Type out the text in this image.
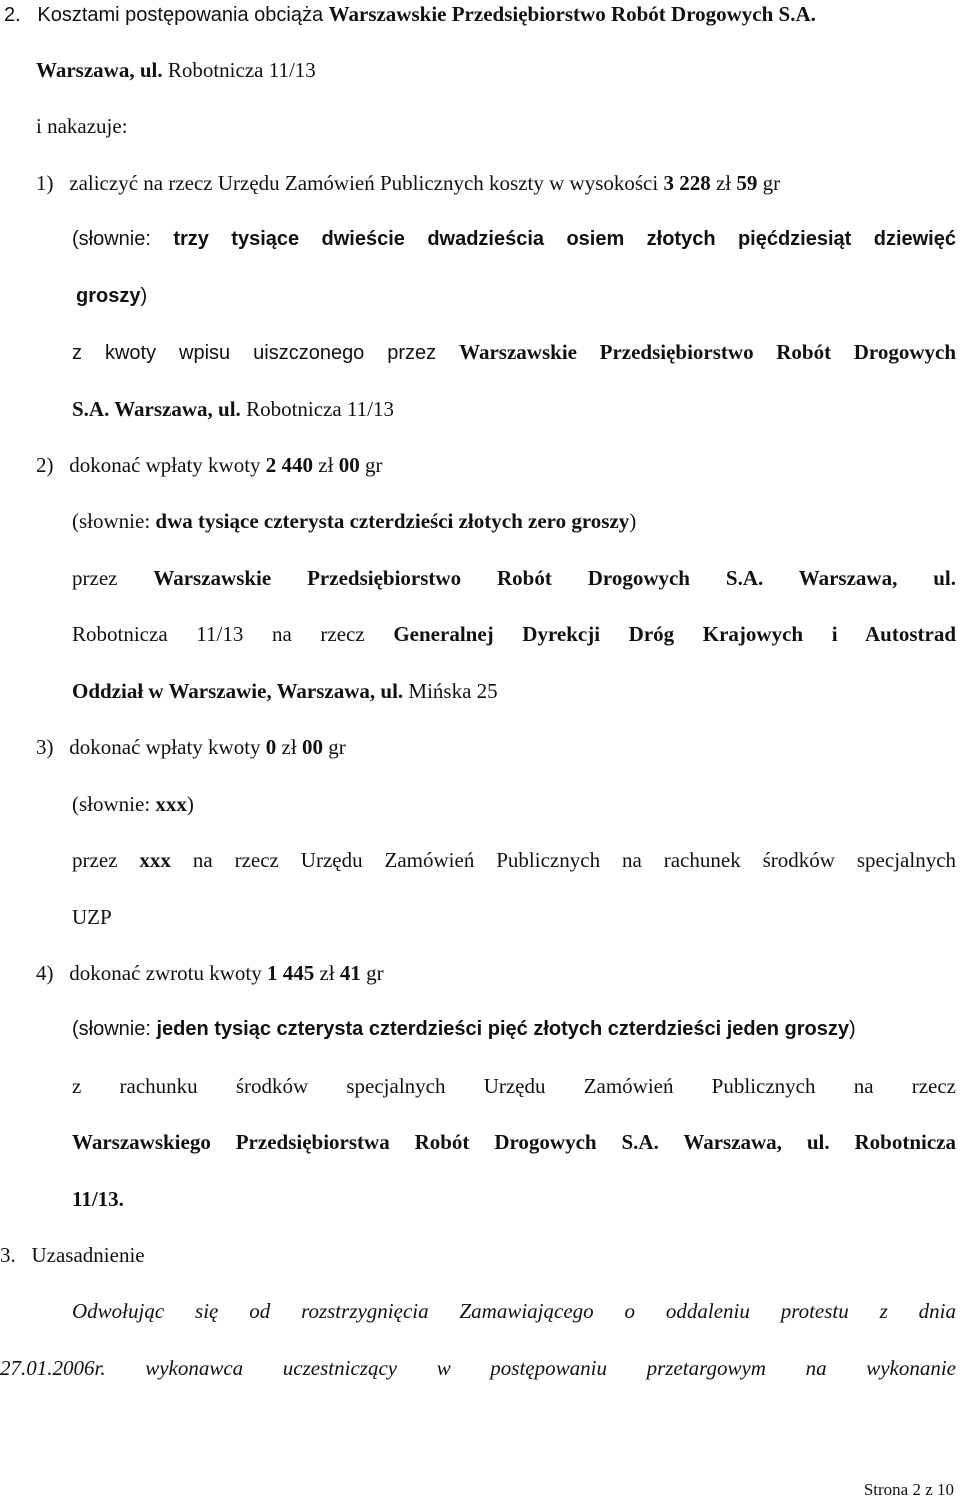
2. Kosztami postępowania obciąża Warszawskie Przedsiębiorstwo Robót Drogowych S.A.
Warszawa, ul. Robotnicza 11/13
i nakazuje:
1) zaliczyć na rzecz Urzędu Zamówień Publicznych koszty w wysokości 3 228 zł 59 gr
(słownie: trzy tysiące dwieście dwadzieścia osiem złotych pięćdziesiąt dziewięć
groszy)
z kwoty wpisu uiszczonego przez Warszawskie Przedsiębiorstwo Robót Drogowych
S.A. Warszawa, ul. Robotnicza 11/13
2) dokonać wpłaty kwoty 2 440 zł 00 gr
(słownie: dwa tysiące czterysta czterdzieści złotych zero groszy)
przez Warszawskie Przedsiębiorstwo Robót Drogowych S.A. Warszawa, ul.
Robotnicza 11/13 na rzecz Generalnej Dyrekcji Dróg Krajowych i Autostrad
Oddział w Warszawie, Warszawa, ul. Mińska 25
3) dokonać wpłaty kwoty 0 zł 00 gr
(słownie: xxx)
przez xxx na rzecz Urzędu Zamówień Publicznych na rachunek środków specjalnych
UZP
4) dokonać zwrotu kwoty 1 445 zł 41 gr
(słownie: jeden tysiąc czterysta czterdzieści pięć złotych czterdzieści jeden groszy)
z rachunku środków specjalnych Urzędu Zamówień Publicznych na rzecz
Warszawskiego Przedsiębiorstwa Robót Drogowych S.A. Warszawa, ul. Robotnicza
11/13.
3. Uzasadnienie
Odwołując się od rozstrzygnięcia Zamawiającego o oddaleniu protestu z dnia
27.01.2006r. wykonawca uczestniczący w postępowaniu przetargowym na wykonanie
Strona 2 z 10
